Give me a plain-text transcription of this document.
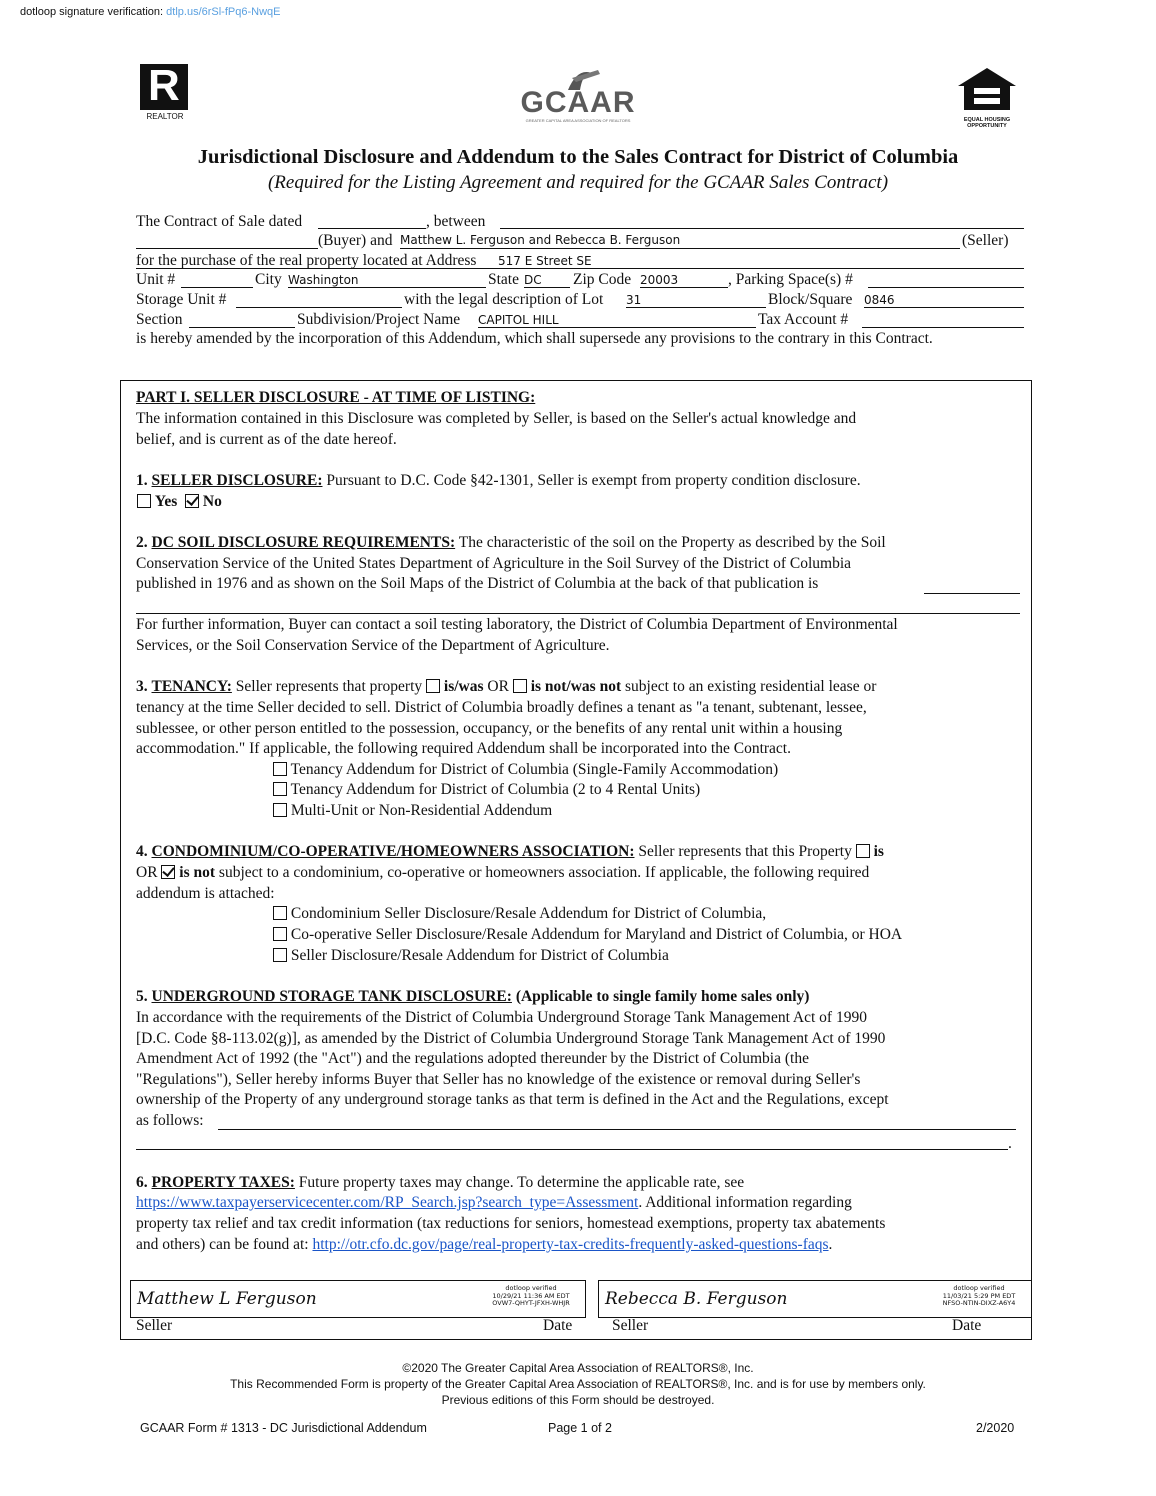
dotloop signature verification: dtlp.us/6rSl-fPq6-NwqE
R
REALTOR	GCAAR
GREATER CAPITAL AREA ASSOCIATION OF REALTORS	EQUAL HOUSING
OPPORTUNITY
Jurisdictional Disclosure and Addendum to the Sales Contract for District of Columbia
(Required for the Listing Agreement and required for the GCAAR Sales Contract)
The Contract of Sale dated	, between
(Buyer) and Matthew L. Ferguson and Rebecca B. Ferguson	(Seller)
for the purchase of the real property located at Address 517 E Street SE
Unit #	City Washington	State DC	Zip Code 20003	, Parking Space(s) #
Storage Unit #	with the legal description of Lot 31	Block/Square 0846
Section	Subdivision/Project Name CAPITOL HILL	Tax Account #
is hereby amended by the incorporation of this Addendum, which shall supersede any provisions to the contrary in this Contract.
PART I. SELLER DISCLOSURE - AT TIME OF LISTING:
The information contained in this Disclosure was completed by Seller, is based on the Seller's actual knowledge and
belief, and is current as of the date hereof.
1. SELLER DISCLOSURE: Pursuant to D.C. Code §42-1301, Seller is exempt from property condition disclosure.
Yes No
2. DC SOIL DISCLOSURE REQUIREMENTS: The characteristic of the soil on the Property as described by the Soil
Conservation Service of the United States Department of Agriculture in the Soil Survey of the District of Columbia
published in 1976 and as shown on the Soil Maps of the District of Columbia at the back of that publication is
For further information, Buyer can contact a soil testing laboratory, the District of Columbia Department of Environmental
Services, or the Soil Conservation Service of the Department of Agriculture.
3. TENANCY: Seller represents that property  is/was OR  is not/was not subject to an existing residential lease or
tenancy at the time Seller decided to sell. District of Columbia broadly defines a tenant as "a tenant, subtenant, lessee,
sublessee, or other person entitled to the possession, occupancy, or the benefits of any rental unit within a housing
accommodation." If applicable, the following required Addendum shall be incorporated into the Contract.
Tenancy Addendum for District of Columbia (Single-Family Accommodation)
Tenancy Addendum for District of Columbia (2 to 4 Rental Units)
Multi-Unit or Non-Residential Addendum
4. CONDOMINIUM/CO-OPERATIVE/HOMEOWNERS ASSOCIATION: Seller represents that this Property  is
OR  is not subject to a condominium, co-operative or homeowners association. If applicable, the following required
addendum is attached:
Condominium Seller Disclosure/Resale Addendum for District of Columbia,
Co-operative Seller Disclosure/Resale Addendum for Maryland and District of Columbia, or HOA
Seller Disclosure/Resale Addendum for District of Columbia
5. UNDERGROUND STORAGE TANK DISCLOSURE: (Applicable to single family home sales only)
In accordance with the requirements of the District of Columbia Underground Storage Tank Management Act of 1990
[D.C. Code §8-113.02(g)], as amended by the District of Columbia Underground Storage Tank Management Act of 1990
Amendment Act of 1992 (the "Act") and the regulations adopted thereunder by the District of Columbia (the
"Regulations"), Seller hereby informs Buyer that Seller has no knowledge of the existence or removal during Seller's
ownership of the Property of any underground storage tanks as that term is defined in the Act and the Regulations, except
as follows:
.
6. PROPERTY TAXES: Future property taxes may change. To determine the applicable rate, see
https://www.taxpayerservicecenter.com/RP_Search.jsp?search_type=Assessment. Additional information regarding
property tax relief and tax credit information (tax reductions for seniors, homestead exemptions, property tax abatements
and others) can be found at: http://otr.cfo.dc.gov/page/real-property-tax-credits-frequently-asked-questions-faqs.
Matthew L Ferguson
dotloop verified
10/29/21 11:36 AM EDT
OVW7-QHYT-JFXH-WHJR
Seller	Date
Rebecca B. Ferguson
dotloop verified
11/03/21 5:29 PM EDT
NFSO-NTIN-DIXZ-A6Y4
Seller	Date
©2020 The Greater Capital Area Association of REALTORS®, Inc.
This Recommended Form is property of the Greater Capital Area Association of REALTORS®, Inc. and is for use by members only.
Previous editions of this Form should be destroyed.
GCAAR Form # 1313 - DC Jurisdictional Addendum	Page 1 of 2	2/2020
